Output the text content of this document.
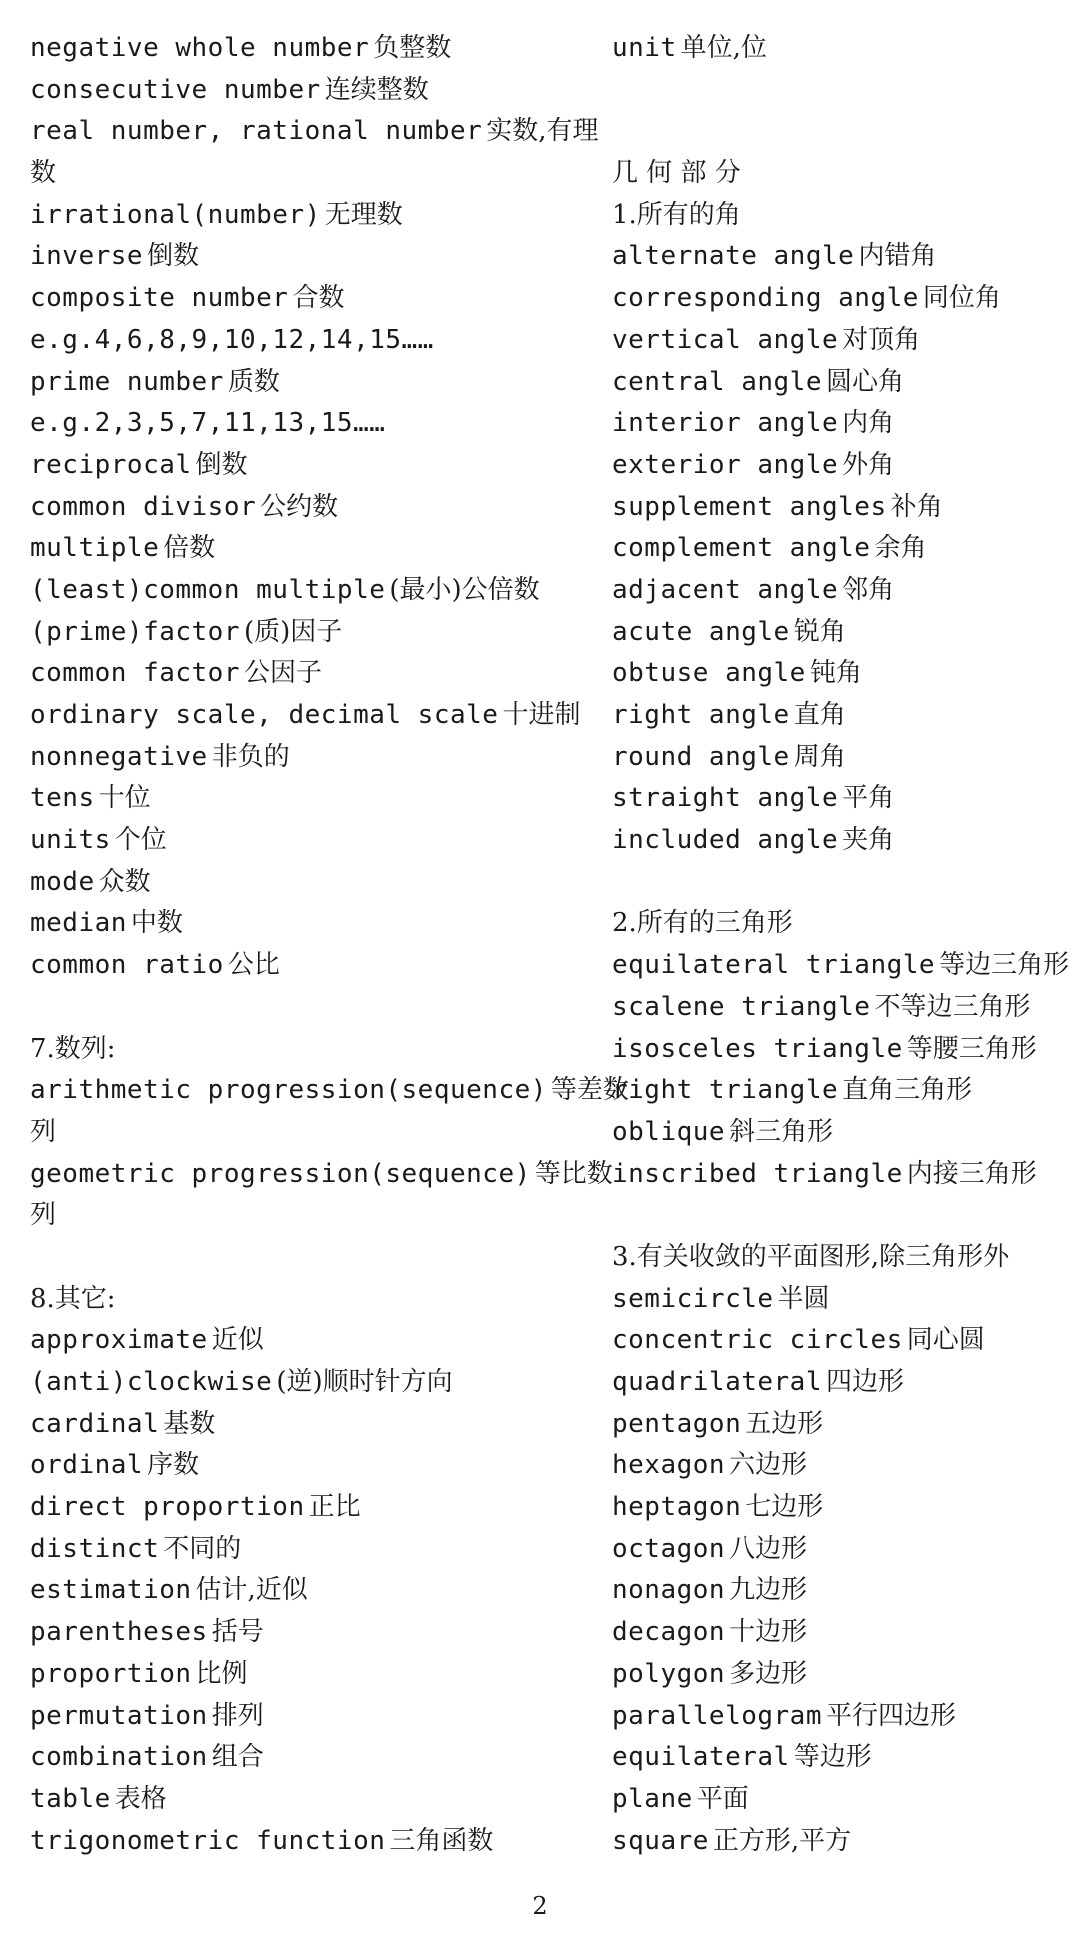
negative whole number 负整数
consecutive number 连续整数
real number, rational number 实数,有理
数
irrational(number) 无理数
inverse 倒数
composite number 合数
e.g.4,6,8,9,10,12,14,15……
prime number 质数
e.g.2,3,5,7,11,13,15……
reciprocal 倒数
common divisor 公约数
multiple 倍数
(least)common multiple (最小)公倍数
(prime)factor (质)因子
common factor 公因子
ordinary scale, decimal scale 十进制
nonnegative 非负的
tens 十位
units 个位
mode 众数
median 中数
common ratio 公比
7.数列:
arithmetic progression(sequence) 等差数
列
geometric progression(sequence) 等比数
列
8.其它:
approximate 近似
(anti)clockwise (逆)顺时针方向
cardinal 基数
ordinal 序数
direct proportion 正比
distinct 不同的
estimation 估计,近似
parentheses 括号
proportion 比例
permutation 排列
combination 组合
table 表格
trigonometric function 三角函数
unit 单位,位
几 何 部 分
1.所有的角
alternate angle 内错角
corresponding angle 同位角
vertical angle 对顶角
central angle 圆心角
interior angle 内角
exterior angle 外角
supplement angles 补角
complement angle 余角
adjacent angle 邻角
acute angle 锐角
obtuse angle 钝角
right angle 直角
round angle 周角
straight angle 平角
included angle 夹角
2.所有的三角形
equilateral triangle 等边三角形
scalene triangle 不等边三角形
isosceles triangle 等腰三角形
right triangle 直角三角形
oblique 斜三角形
inscribed triangle 内接三角形
3.有关收敛的平面图形,除三角形外
semicircle 半圆
concentric circles 同心圆
quadrilateral 四边形
pentagon 五边形
hexagon 六边形
heptagon 七边形
octagon 八边形
nonagon 九边形
decagon 十边形
polygon 多边形
parallelogram 平行四边形
equilateral 等边形
plane 平面
square 正方形,平方
2
